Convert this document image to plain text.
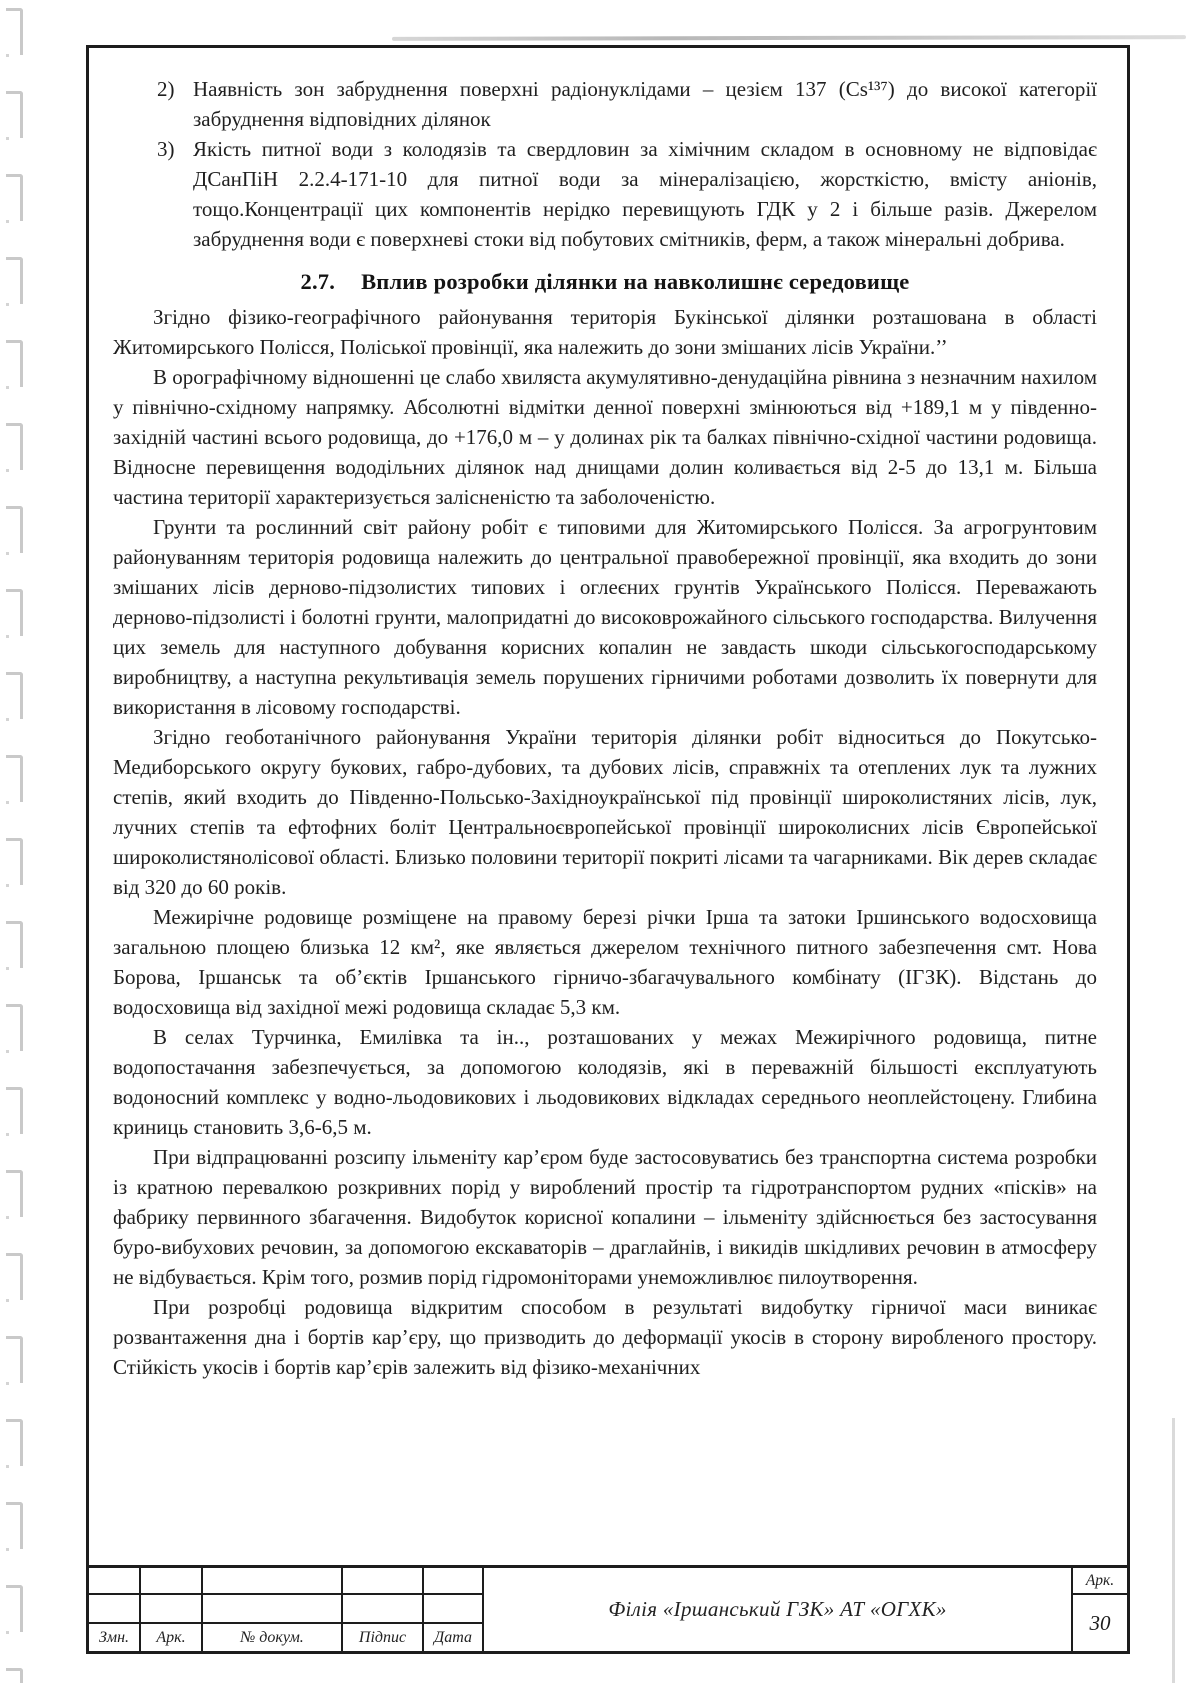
2) Наявність зон забруднення поверхні радіонуклідами – цезієм 137 (Cs¹³⁷) до високої категорії забруднення відповідних ділянок
3) Якість питної води з колодязів та свердловин за хімічним складом в основному не відповідає ДСанПіН 2.2.4-171-10 для питної води за мінералізацією, жорсткістю, вмісту аніонів, тощо.Концентрації цих компонентів нерідко перевищують ГДК у 2 і більше разів. Джерелом забруднення води є поверхневі стоки від побутових смітників, ферм, а також мінеральні добрива.
2.7. Вплив розробки ділянки на навколишнє середовище

Згідно фізико-географічного районування територія Букінської ділянки розташована в області Житомирського Полісся, Поліської провінції, яка належить до зони змішаних лісів України.’’

В орографічному відношенні це слабо хвиляста акумулятивно-денудаційна рівнина з незначним нахилом у північно-східному напрямку. Абсолютні відмітки денної поверхні змінюються від +189,1 м у південно-західній частині всього родовища, до +176,0 м – у долинах рік та балках північно-східної частини родовища. Відносне перевищення вододільних ділянок над днищами долин коливається від 2-5 до 13,1 м. Більша частина території характеризується залісненістю та заболоченістю.

Грунти та рослинний світ району робіт є типовими для Житомирського Полісся. За агрогрунтовим районуванням територія родовища належить до центральної правобережної провінції, яка входить до зони змішаних лісів дерново-підзолистих типових і оглеєних грунтів Українського Полісся. Переважають дерново-підзолисті і болотні грунти, малопридатні до високоврожайного сільського господарства. Вилучення цих земель для наступного добування корисних копалин не завдасть шкоди сільськогосподарському виробництву, а наступна рекультивація земель порушених гірничими роботами дозволить їх повернути для використання в лісовому господарстві.

Згідно геоботанічного районування України територія ділянки робіт відноситься до Покутсько-Медиборського округу букових, габро-дубових, та дубових лісів, справжніх та отеплених лук та лужних степів, який входить до Південно-Польсько-Західноукраїнської під провінції широколистяних лісів, лук, лучних степів та ефтофних боліт Центральноєвропейської провінції широколисних лісів Європейської широколистянолісової області. Близько половини території покриті лісами та чагарниками. Вік дерев складає від 320 до 60 років.

Межирічне родовище розміщене на правому березі річки Ірша та затоки Іршинського водосховища загальною площею близька 12 км², яке являється джерелом технічного питного забезпечення смт. Нова Борова, Іршанськ та об’єктів Іршанського гірничо-збагачувального комбінату (ІГЗК). Відстань до водосховища від західної межі родовища складає 5,3 км.

В селах Турчинка, Емилівка та ін.., розташованих у межах Межирічного родовища, питне водопостачання забезпечується, за допомогою колодязів, які в переважній більшості експлуатують водоносний комплекс у водно-льодовикових і льодовикових відкладах середнього неоплейстоцену. Глибина криниць становить 3,6-6,5 м.

При відпрацюванні розсипу ільменіту кар’єром буде застосовуватись без транспортна система розробки із кратною перевалкою розкривних порід у вироблений простір та гідротранспортом рудних «пісків» на фабрику первинного збагачення. Видобуток корисної копалини – ільменіту здійснюється без застосування буро-вибухових речовин, за допомогою екскаваторів – драглайнів, і викидів шкідливих речовин в атмосферу не відбувається. Крім того, розмив порід гідромоніторами унеможливлює пилоутворення.

При розробці родовища відкритим способом в результаті видобутку гірничої маси виникає розвантаження дна і бортів кар’єру, що призводить до деформації укосів в сторону виробленого простору. Стійкість укосів і бортів кар’єрів залежить від фізико-механічних

Змн.	Арк.	№ докум.	Підпис	Дата
Філія «Іршанський ГЗК» АТ «ОГХК»
Арк.
30
